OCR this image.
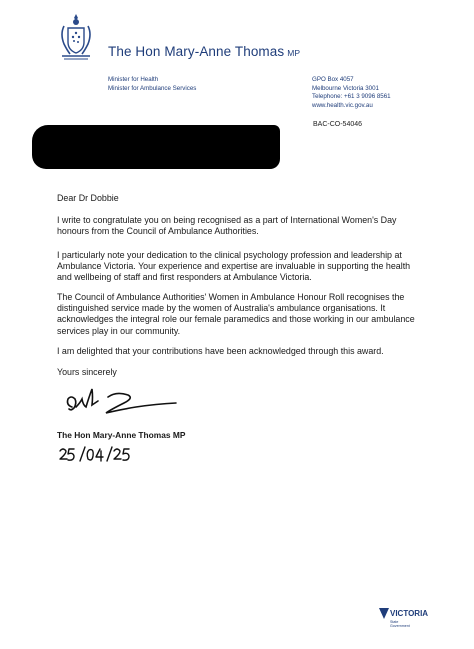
The Hon Mary-Anne Thomas MP
Minister for Health
Minister for Ambulance Services
GPO Box 4057
Melbourne Victoria 3001
Telephone: +61 3 9096 8561
www.health.vic.gov.au
BAC-CO-54046
Dear Dr Dobbie
I write to congratulate you on being recognised as a part of International Women's Day honours from the Council of Ambulance Authorities.
I particularly note your dedication to the clinical psychology profession and leadership at Ambulance Victoria. Your experience and expertise are invaluable in supporting the health and wellbeing of staff and first responders at Ambulance Victoria.
The Council of Ambulance Authorities' Women in Ambulance Honour Roll recognises the distinguished service made by the women of Australia's ambulance organisations. It acknowledges the integral role our female paramedics and those working in our ambulance services play in our community.
I am delighted that your contributions have been acknowledged through this award.
Yours sincerely
The Hon Mary-Anne Thomas MP
VICTORIA
State
Government
